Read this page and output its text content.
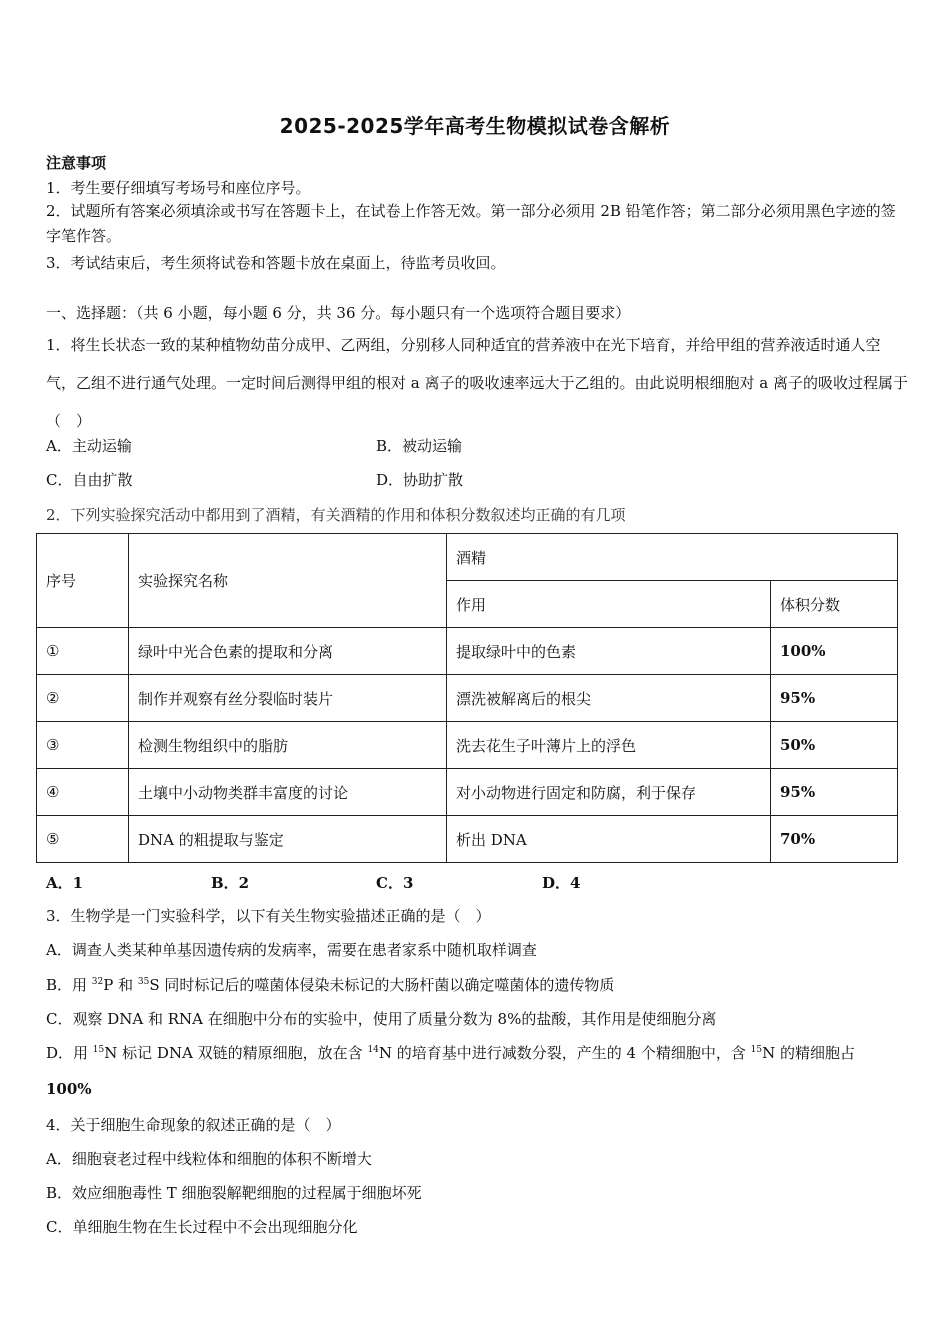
2025-2025学年高考生物模拟试卷含解析
注意事项
1．考生要仔细填写考场号和座位序号。
2．试题所有答案必须填涂或书写在答题卡上，在试卷上作答无效。第一部分必须用 2B 铅笔作答；第二部分必须用黑色字迹的签字笔作答。
3．考试结束后，考生须将试卷和答题卡放在桌面上，待监考员收回。
一、选择题：（共 6 小题，每小题 6 分，共 36 分。每小题只有一个选项符合题目要求）
1．将生长状态一致的某种植物幼苗分成甲、乙两组，分别移人同种适宜的营养液中在光下培育，并给甲组的营养液适时通人空气，乙组不进行通气处理。一定时间后测得甲组的根对 a 离子的吸收速率远大于乙组的。由此说明根细胞对 a 离子的吸收过程属于（　）
A．主动运输	B．被动运输
C．自由扩散	D．协助扩散
2．下列实验探究活动中都用到了酒精，有关酒精的作用和体积分数叙述均正确的有几项
序号	实验探究名称	酒精	
		作用	体积分数
①	绿叶中光合色素的提取和分离	提取绿叶中的色素	100%
②	制作并观察有丝分裂临时装片	漂洗被解离后的根尖	95%
③	检测生物组织中的脂肪	洗去花生子叶薄片上的浮色	50%
④	土壤中小动物类群丰富度的讨论	对小动物进行固定和防腐，利于保存	95%
⑤	DNA 的粗提取与鉴定	析出 DNA	70%
A．1	B．2	C．3	D．4
3．生物学是一门实验科学，以下有关生物实验描述正确的是（　）
A．调查人类某种单基因遗传病的发病率，需要在患者家系中随机取样调查
B．用 $^{32}$P 和 $^{35}$S 同时标记后的噬菌体侵染未标记的大肠杆菌以确定噬菌体的遗传物质
C．观察 DNA 和 RNA 在细胞中分布的实验中，使用了质量分数为 8%的盐酸，其作用是使细胞分离
D．用 $^{15}$N 标记 DNA 双链的精原细胞，放在含 $^{14}$N 的培育基中进行减数分裂，产生的 4 个精细胞中，含 $^{15}$N 的精细胞占
100%
4．关于细胞生命现象的叙述正确的是（　）
A．细胞衰老过程中线粒体和细胞的体积不断增大
B．效应细胞毒性 T 细胞裂解靶细胞的过程属于细胞坏死
C．单细胞生物在生长过程中不会出现细胞分化
